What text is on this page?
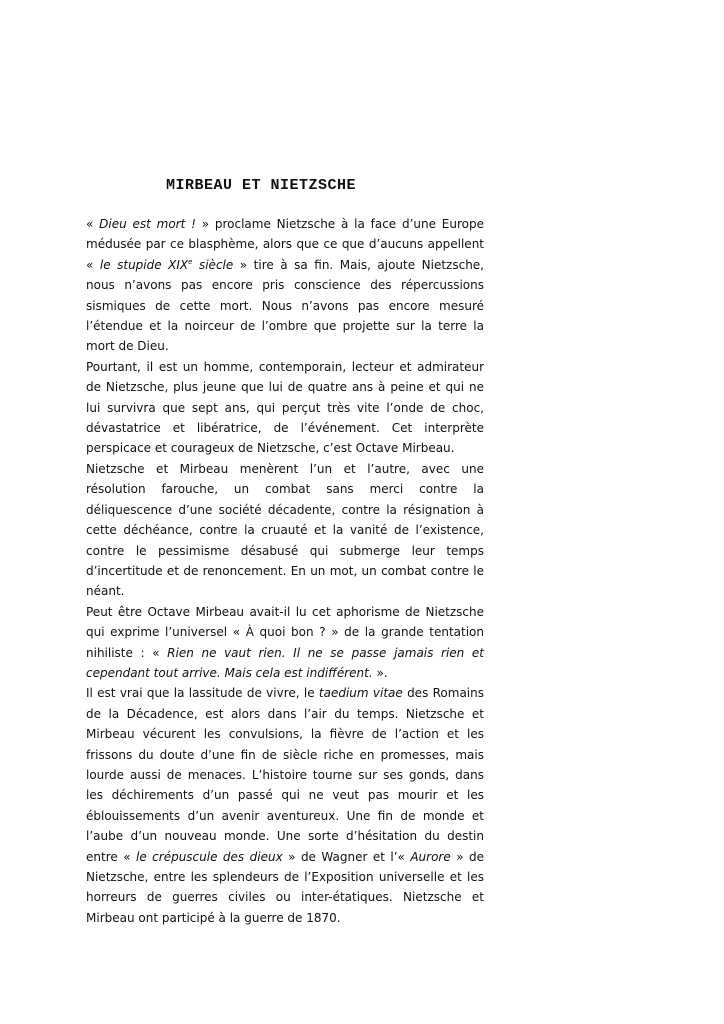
MIRBEAU ET NIETZSCHE

« Dieu est mort ! » proclame Nietzsche à la face d’une Europe médusée par ce blasphème, alors que ce que d’aucuns appellent « le stupide XIXe siècle » tire à sa fin. Mais, ajoute Nietzsche, nous n’avons pas encore pris conscience des répercussions sismiques de cette mort. Nous n’avons pas encore mesuré l’étendue et la noirceur de l’ombre que projette sur la terre la mort de Dieu.

Pourtant, il est un homme, contemporain, lecteur et admirateur de Nietzsche, plus jeune que lui de quatre ans à peine et qui ne lui survivra que sept ans, qui perçut très vite l’onde de choc, dévastatrice et libératrice, de l’événement. Cet interprète perspicace et courageux de Nietzsche, c’est Octave Mirbeau.

Nietzsche et Mirbeau menèrent l’un et l’autre, avec une résolution farouche, un combat sans merci contre la déliquescence d’une société décadente, contre la résignation à cette déchéance, contre la cruauté et la vanité de l’existence, contre le pessimisme désabusé qui submerge leur temps d’incertitude et de renoncement. En un mot, un combat contre le néant.

Peut être Octave Mirbeau avait-il lu cet aphorisme de Nietzsche qui exprime l’universel « À quoi bon ? » de la grande tentation nihiliste : « Rien ne vaut rien. Il ne se passe jamais rien et cependant tout arrive. Mais cela est indifférent. ».

Il est vrai que la lassitude de vivre, le taedium vitae des Romains de la Décadence, est alors dans l’air du temps. Nietzsche et Mirbeau vécurent les convulsions, la fièvre de l’action et les frissons du doute d’une fin de siècle riche en promesses, mais lourde aussi de menaces. L’histoire tourne sur ses gonds, dans les déchirements d’un passé qui ne veut pas mourir et les éblouissements d’un avenir aventureux. Une fin de monde et l’aube d’un nouveau monde. Une sorte d’hésitation du destin entre « le crépuscule des dieux » de Wagner et l’« Aurore » de Nietzsche, entre les splendeurs de l’Exposition universelle et les horreurs de guerres civiles ou inter-étatiques. Nietzsche et Mirbeau ont participé à la guerre de 1870.
